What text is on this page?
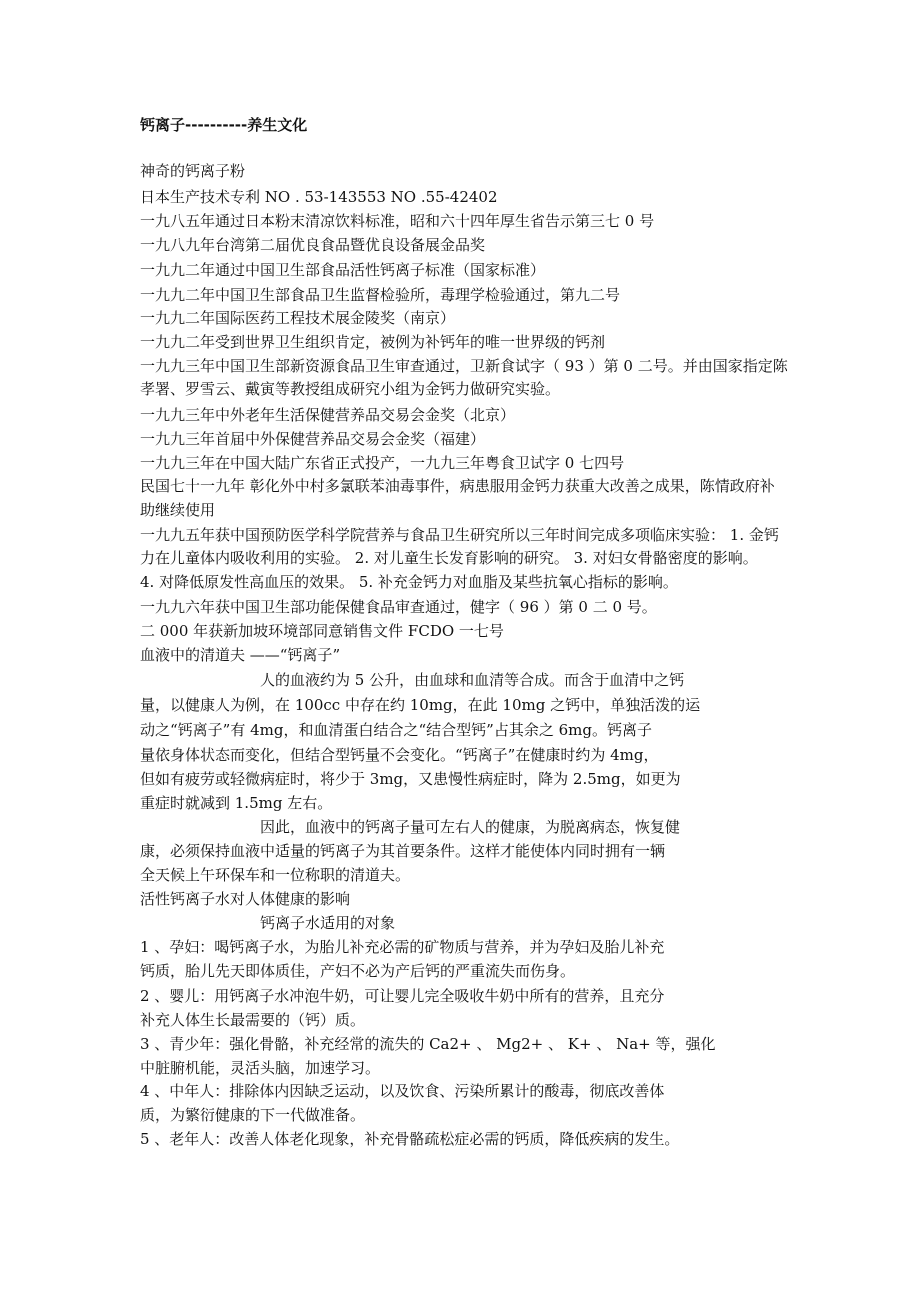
钙离子----------养生文化
神奇的钙离子粉
日本生产技术专利 NO . 53-143553 NO .55-42402
一九八五年通过日本粉末清凉饮料标准，昭和六十四年厚生省告示第三七 0 号
一九八九年台湾第二届优良食品暨优良设备展金品奖
一九九二年通过中国卫生部食品活性钙离子标准（国家标准）
一九九二年中国卫生部食品卫生监督检验所，毒理学检验通过，第九二号
一九九二年国际医药工程技术展金陵奖（南京）
一九九二年受到世界卫生组织肯定，被例为补钙年的唯一世界级的钙剂
一九九三年中国卫生部新资源食品卫生审查通过，卫新食试字（ 93 ）第 0 二号。并由国家指定陈
孝署、罗雪云、戴寅等教授组成研究小组为金钙力做研究实验。
一九九三年中外老年生活保健营养品交易会金奖（北京）
一九九三年首届中外保健营养品交易会金奖（福建）
一九九三年在中国大陆广东省正式投产，一九九三年粤食卫试字 0 七四号
民国七十一九年 彰化外中村多氯联苯油毒事件，病患服用金钙力获重大改善之成果，陈情政府补
助继续使用
一九九五年获中国预防医学科学院营养与食品卫生研究所以三年时间完成多项临床实验： 1. 金钙
力在儿童体内吸收利用的实验。 2. 对儿童生长发育影响的研究。 3. 对妇女骨骼密度的影响。
4. 对降低原发性高血压的效果。 5. 补充金钙力对血脂及某些抗氧心指标的影响。
一九九六年获中国卫生部功能保健食品审查通过，健字（ 96 ）第 0 二 0 号。
二 000 年获新加坡环境部同意销售文件 FCDO 一七号
血液中的清道夫 ——“钙离子”
人的血液约为 5 公升，由血球和血清等合成。而含于血清中之钙
量，以健康人为例，在 100cc 中存在约 10mg，在此 10mg 之钙中，单独活泼的运
动之“钙离子”有 4mg，和血清蛋白结合之“结合型钙”占其余之 6mg。钙离子
量依身体状态而变化，但结合型钙量不会变化。“钙离子”在健康时约为 4mg，
但如有疲劳或轻微病症时，将少于 3mg，又患慢性病症时，降为 2.5mg，如更为
重症时就减到 1.5mg 左右。
因此，血液中的钙离子量可左右人的健康，为脱离病态，恢复健
康，必须保持血液中适量的钙离子为其首要条件。这样才能使体内同时拥有一辆
全天候上午环保车和一位称职的清道夫。
活性钙离子水对人体健康的影响
钙离子水适用的对象
1 、孕妇：喝钙离子水，为胎儿补充必需的矿物质与营养，并为孕妇及胎儿补充
钙质，胎儿先天即体质佳，产妇不必为产后钙的严重流失而伤身。
2 、婴儿：用钙离子水冲泡牛奶，可让婴儿完全吸收牛奶中所有的营养，且充分
补充人体生长最需要的（钙）质。
3 、青少年：强化骨骼，补充经常的流失的 Ca2+ 、 Mg2+ 、 K+ 、 Na+ 等，强化
中脏腑机能，灵活头脑，加速学习。
4 、中年人：排除体内因缺乏运动，以及饮食、污染所累计的酸毒，彻底改善体
质，为繁衍健康的下一代做准备。
5 、老年人：改善人体老化现象，补充骨骼疏松症必需的钙质，降低疾病的发生。
